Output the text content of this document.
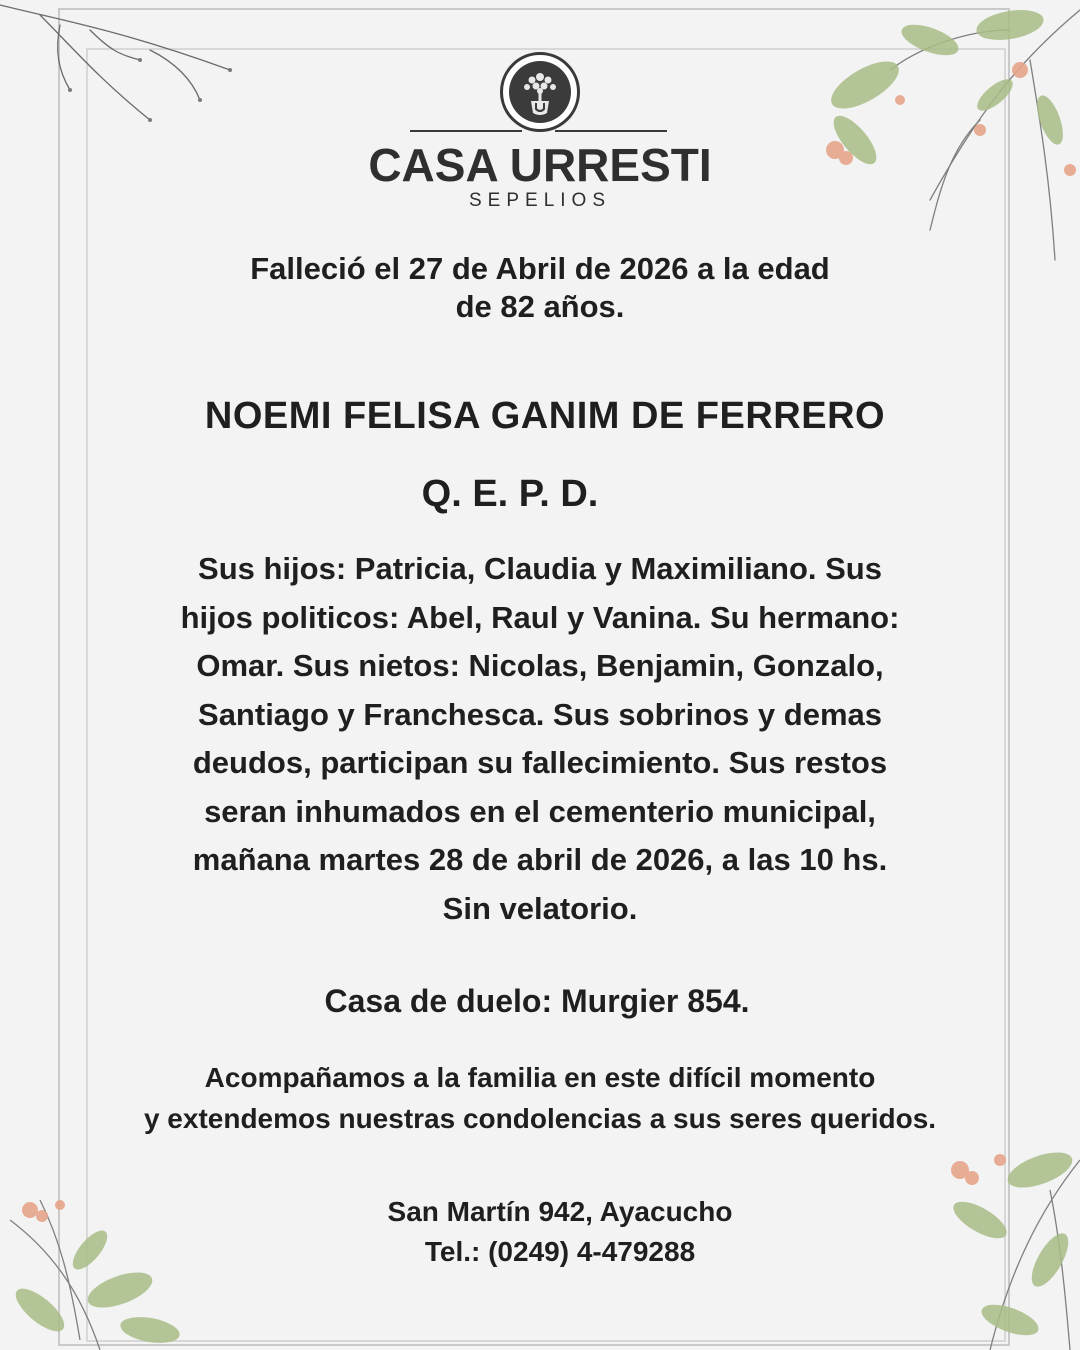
CASA URRESTI
SEPELIOS
Falleció el 27 de Abril de 2026 a la edad
de 82 años.
NOEMI FELISA GANIM DE FERRERO
Q. E. P. D.
Sus hijos: Patricia, Claudia y Maximiliano. Sus
hijos politicos: Abel, Raul y Vanina. Su hermano:
Omar. Sus nietos: Nicolas, Benjamin, Gonzalo,
Santiago y Franchesca. Sus sobrinos y demas
deudos, participan su fallecimiento. Sus restos
seran inhumados en el cementerio municipal,
mañana martes 28 de abril de 2026, a las 10 hs.
Sin velatorio.
Casa de duelo: Murgier 854.
Acompañamos a la familia en este difícil momento
y extendemos nuestras condolencias a sus seres queridos.
San Martín 942, Ayacucho
Tel.: (0249) 4-479288
